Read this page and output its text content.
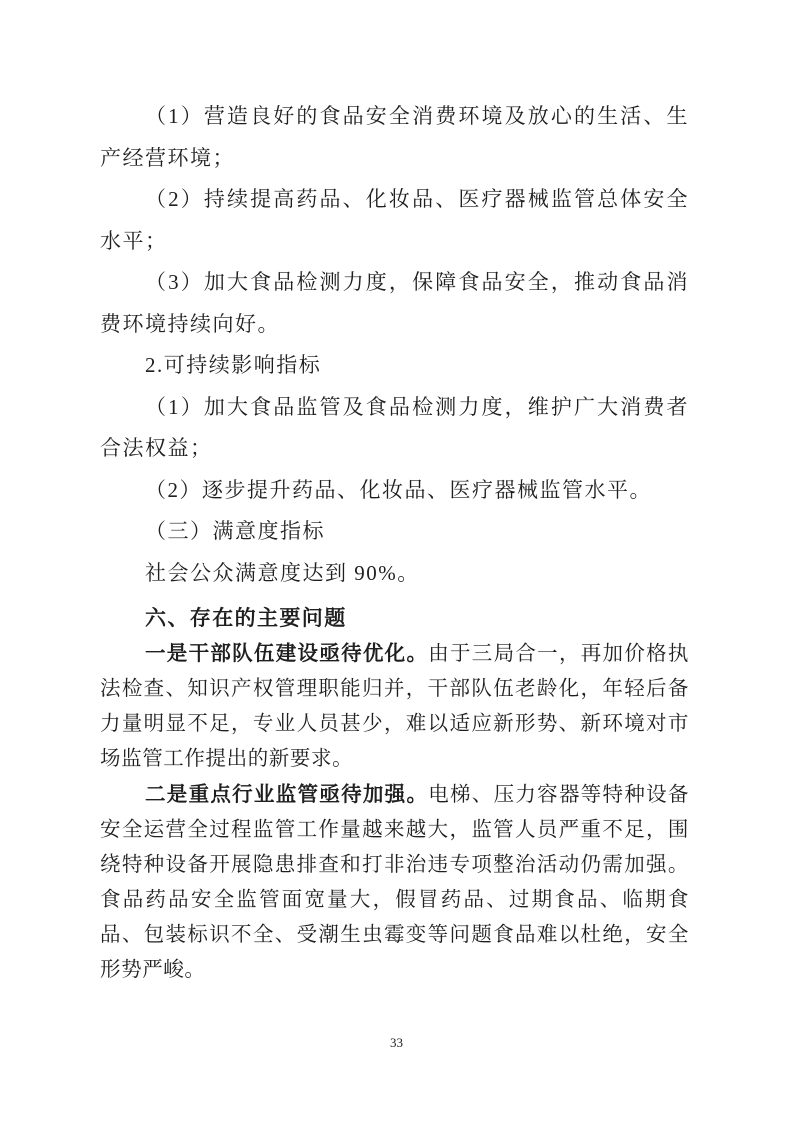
（1）营造良好的食品安全消费环境及放心的生活、生产经营环境；

（2）持续提高药品、化妆品、医疗器械监管总体安全水平；

（3）加大食品检测力度，保障食品安全，推动食品消费环境持续向好。

2.可持续影响指标

（1）加大食品监管及食品检测力度，维护广大消费者合法权益；

（2）逐步提升药品、化妆品、医疗器械监管水平。

（三）满意度指标

社会公众满意度达到 90%。

六、存在的主要问题

一是干部队伍建设亟待优化。由于三局合一，再加价格执法检查、知识产权管理职能归并，干部队伍老龄化，年轻后备力量明显不足，专业人员甚少，难以适应新形势、新环境对市场监管工作提出的新要求。

二是重点行业监管亟待加强。电梯、压力容器等特种设备安全运营全过程监管工作量越来越大，监管人员严重不足，围绕特种设备开展隐患排查和打非治违专项整治活动仍需加强。食品药品安全监管面宽量大，假冒药品、过期食品、临期食品、包装标识不全、受潮生虫霉变等问题食品难以杜绝，安全形势严峻。

33
